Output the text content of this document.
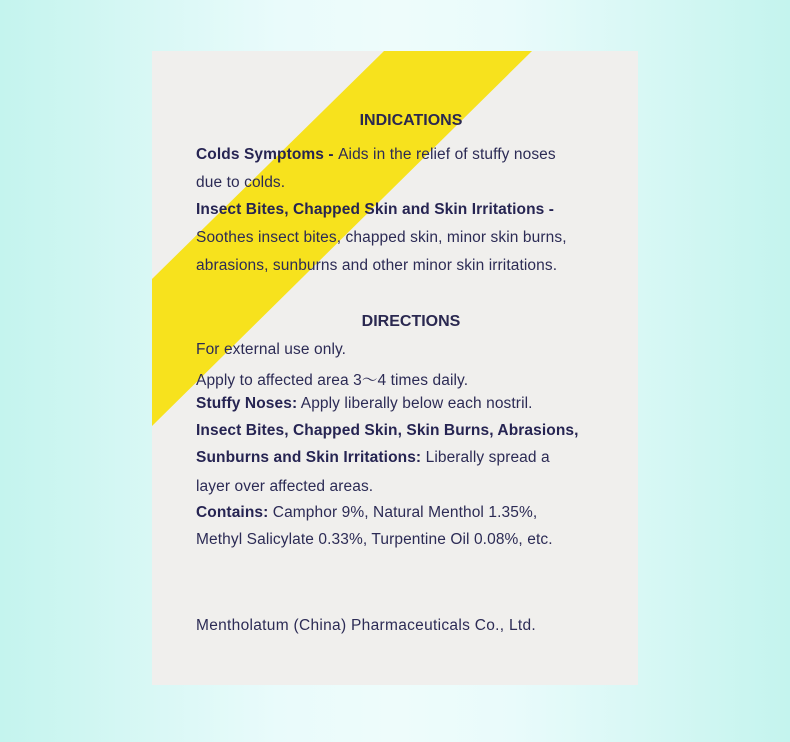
INDICATIONS
Colds Symptoms - Aids in the relief of stuffy noses
due to colds.
Insect Bites, Chapped Skin and Skin Irritations -
Soothes insect bites, chapped skin, minor skin burns,
abrasions, sunburns and other minor skin irritations.
DIRECTIONS
For external use only.
Apply to affected area 3〜4 times daily.
Stuffy Noses: Apply liberally below each nostril.
Insect Bites, Chapped Skin, Skin Burns, Abrasions,
Sunburns and Skin Irritations: Liberally spread a
layer over affected areas.
Contains: Camphor 9%, Natural Menthol 1.35%,
Methyl Salicylate 0.33%, Turpentine Oil 0.08%, etc.
Mentholatum (China) Pharmaceuticals Co., Ltd.
